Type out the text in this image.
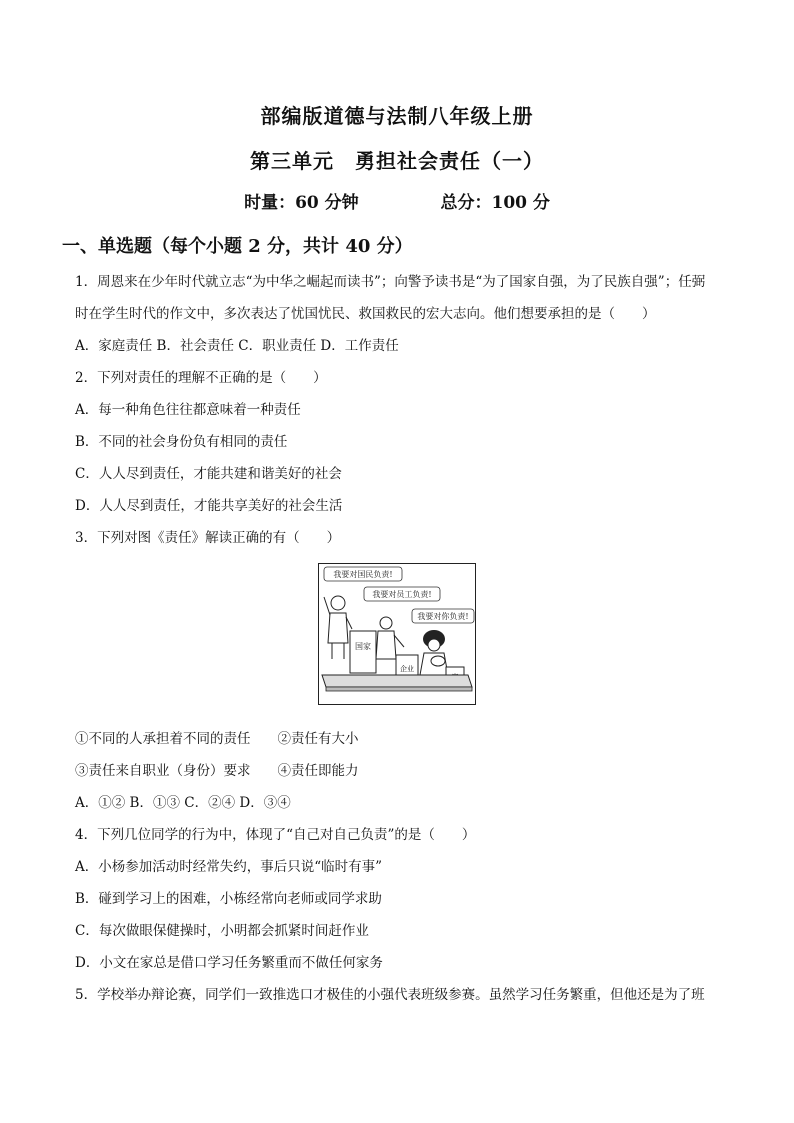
部编版道德与法制八年级上册
第三单元　勇担社会责任（一）
时量：60 分钟	总分：100 分
一、单选题（每个小题 2 分，共计 40 分）
1．周恩来在少年时代就立志“为中华之崛起而读书”；向警予读书是“为了国家自强，为了民族自强”；任弼
时在学生时代的作文中，多次表达了忧国忧民、救国救民的宏大志向。他们想要承担的是（　　）
A．家庭责任 B．社会责任 C．职业责任 D．工作责任
2．下列对责任的理解不正确的是（　　）
A．每一种角色往往都意味着一种责任
B．不同的社会身份负有相同的责任
C．人人尽到责任，才能共建和谐美好的社会
D．人人尽到责任，才能共享美好的社会生活
3．下列对图《责任》解读正确的有（　　）
我要对国民负责!
我要对员工负责!
我要对你负责!
国家
企业
①不同的人承担着不同的责任　　②责任有大小
③责任来自职业（身份）要求　　④责任即能力
A．①② B．①③ C．②④ D．③④
4．下列几位同学的行为中，体现了“自己对自己负责”的是（　　）
A．小杨参加活动时经常失约，事后只说“临时有事”
B．碰到学习上的困难，小栋经常向老师或同学求助
C．每次做眼保健操时，小明都会抓紧时间赶作业
D．小文在家总是借口学习任务繁重而不做任何家务
5．学校举办辩论赛，同学们一致推选口才极佳的小强代表班级参赛。虽然学习任务繁重，但他还是为了班
